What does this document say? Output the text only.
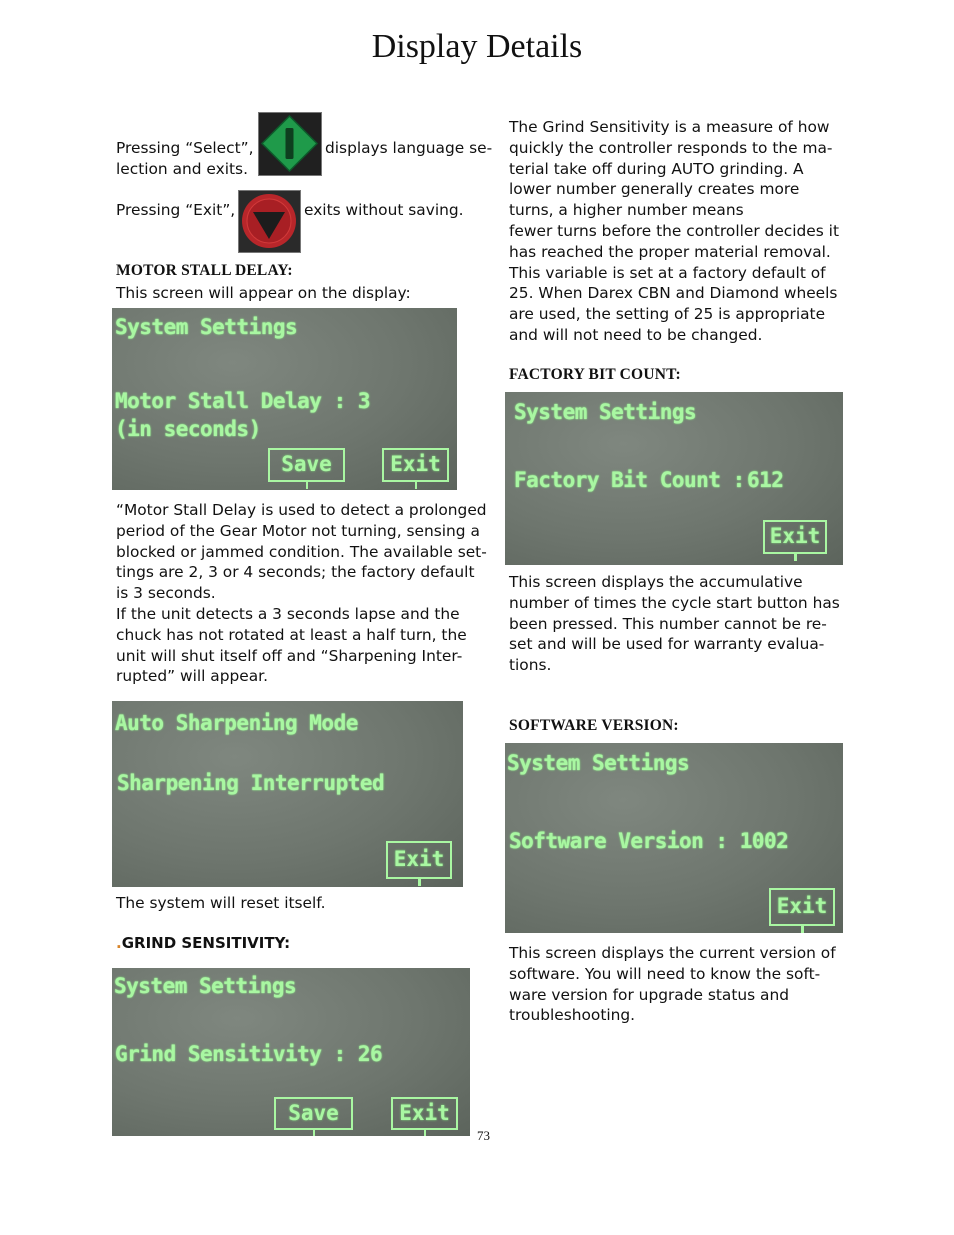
Display Details
Pressing “Select”,
lection and exits.
displays language se-
Pressing “Exit”,	exits without saving.
MOTOR STALL DELAY:
This screen will appear on the display:
System Settings
Motor Stall Delay : 3
(in seconds)
Save	Exit
“Motor Stall Delay is used to detect a prolonged
period of the Gear Motor not turning, sensing a
blocked or jammed condition. The available set-
tings are 2, 3 or 4 seconds; the factory default
is 3 seconds.
If the unit detects a 3 seconds lapse and the
chuck has not rotated at least a half turn, the
unit will shut itself off and “Sharpening Inter-
rupted” will appear.
Auto Sharpening Mode
Sharpening Interrupted
Exit
The system will reset itself.
.GRIND SENSITIVITY:
System Settings
Grind Sensitivity : 26
Save	Exit
The Grind Sensitivity is a measure of how
quickly the controller responds to the ma-
terial take off during AUTO grinding. A
lower number generally creates more
turns, a higher number means
fewer turns before the controller decides it
has reached the proper material removal.
This variable is set at a factory default of
25. When Darex CBN and Diamond wheels
are used, the setting of 25 is appropriate
and will not need to be changed.
FACTORY BIT COUNT:
System Settings
Factory Bit Count : 612
Exit
This screen displays the accumulative
number of times the cycle start button has
been pressed. This number cannot be re-
set and will be used for warranty evalua-
tions.
SOFTWARE VERSION:
System Settings
Software Version : 1002
Exit
This screen displays the current version of
software. You will need to know the soft-
ware version for upgrade status and
troubleshooting.
73
